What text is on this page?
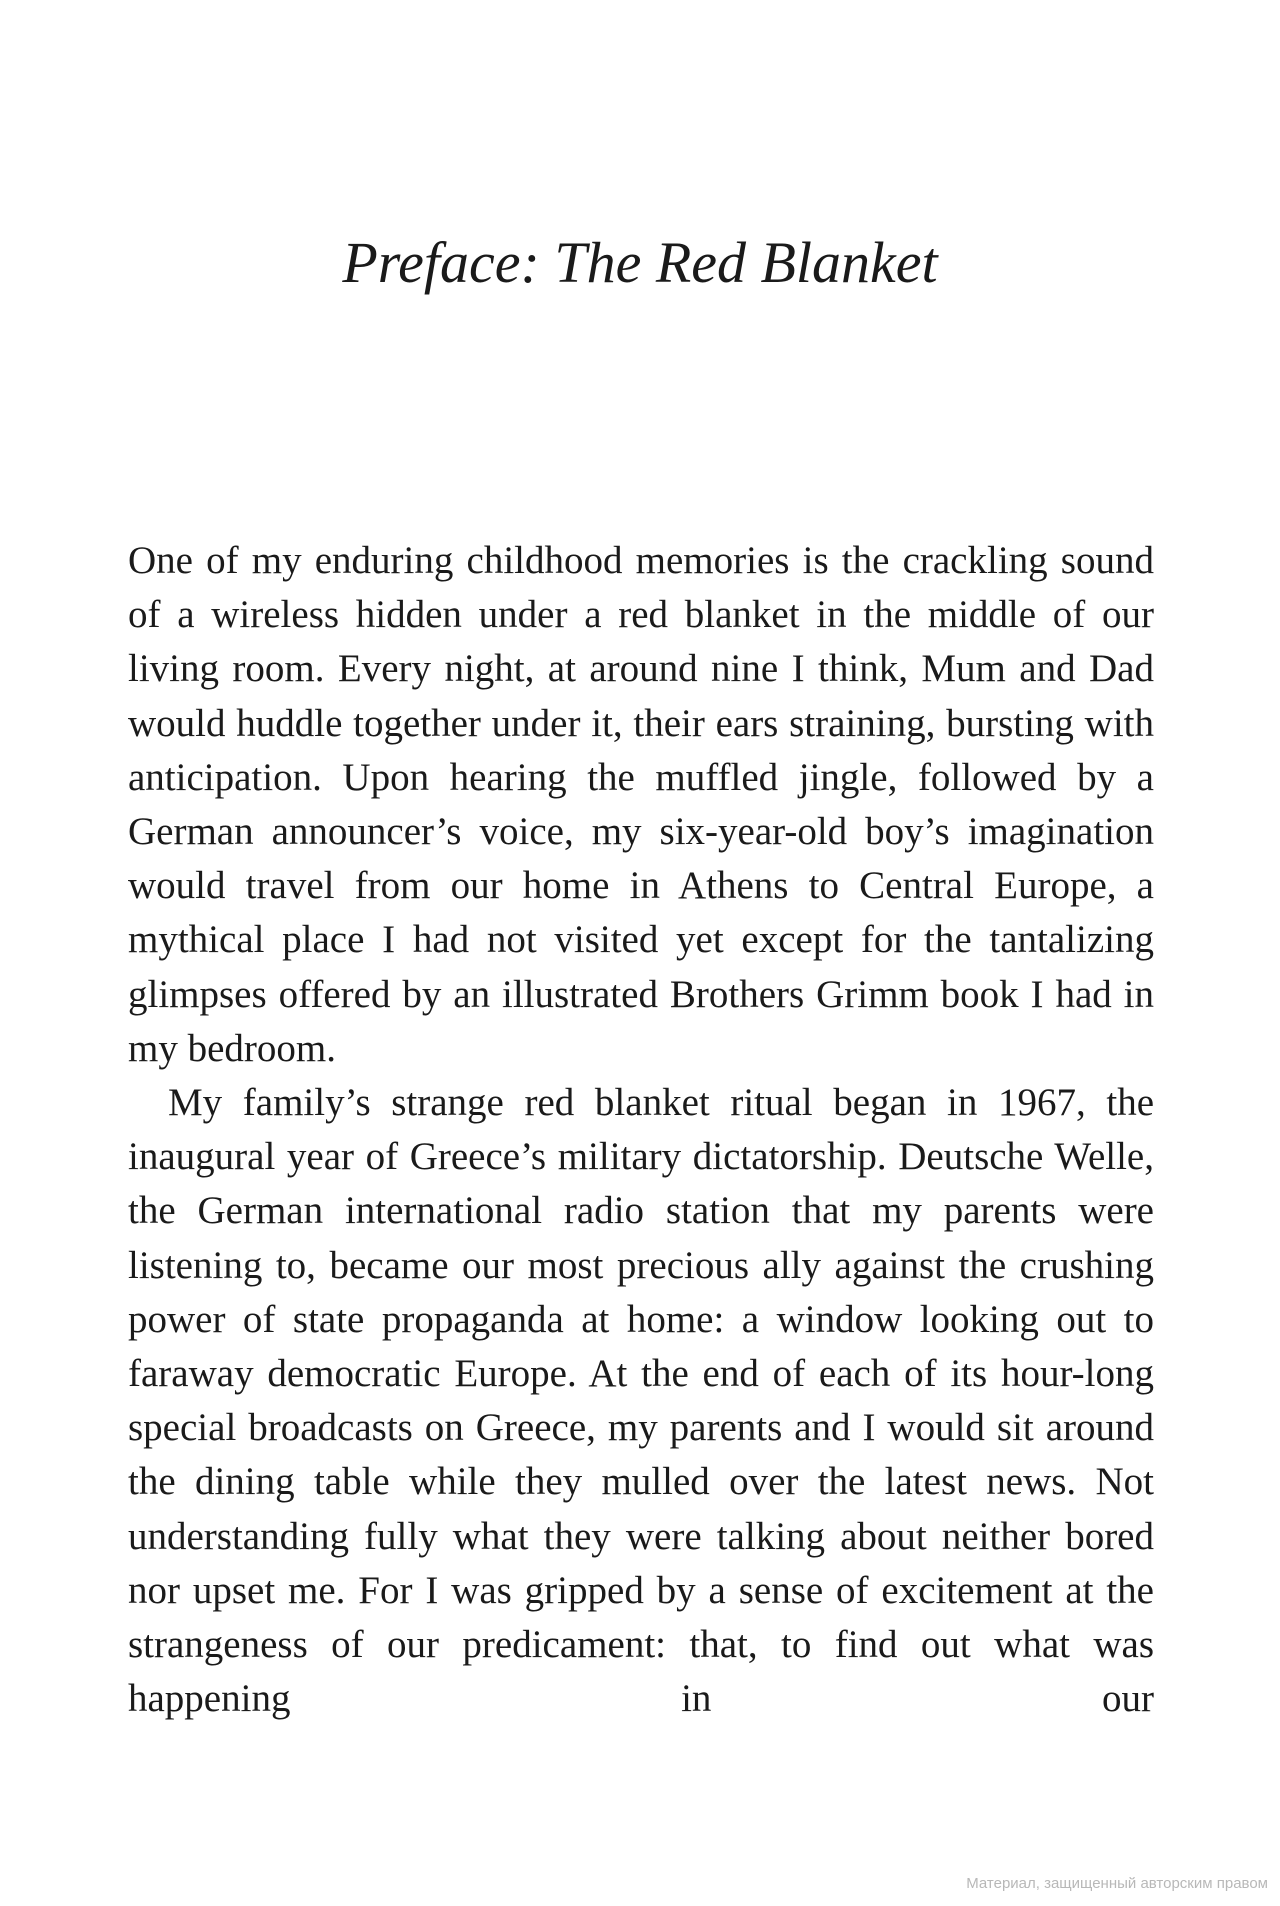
Preface: The Red Blanket

One of my enduring childhood memories is the crackling sound of a wireless hidden under a red blanket in the middle of our living room. Every night, at around nine I think, Mum and Dad would huddle together under it, their ears straining, bursting with anticipation. Upon hearing the muffled jingle, followed by a German announcer’s voice, my six-year-old boy’s imagination would travel from our home in Athens to Central Europe, a mythical place I had not visited yet except for the tantalizing glimpses offered by an illustrated Brothers Grimm book I had in my bedroom.

My family’s strange red blanket ritual began in 1967, the inaugural year of Greece’s military dictatorship. Deutsche Welle, the German international radio station that my parents were listening to, became our most precious ally against the crushing power of state propaganda at home: a window looking out to faraway democratic Europe. At the end of each of its hour-long special broadcasts on Greece, my parents and I would sit around the dining table while they mulled over the latest news. Not understanding fully what they were talking about neither bored nor upset me. For I was gripped by a sense of excitement at the strangeness of our predicament: that, to find out what was happening in our

Материал, защищенный авторским правом
